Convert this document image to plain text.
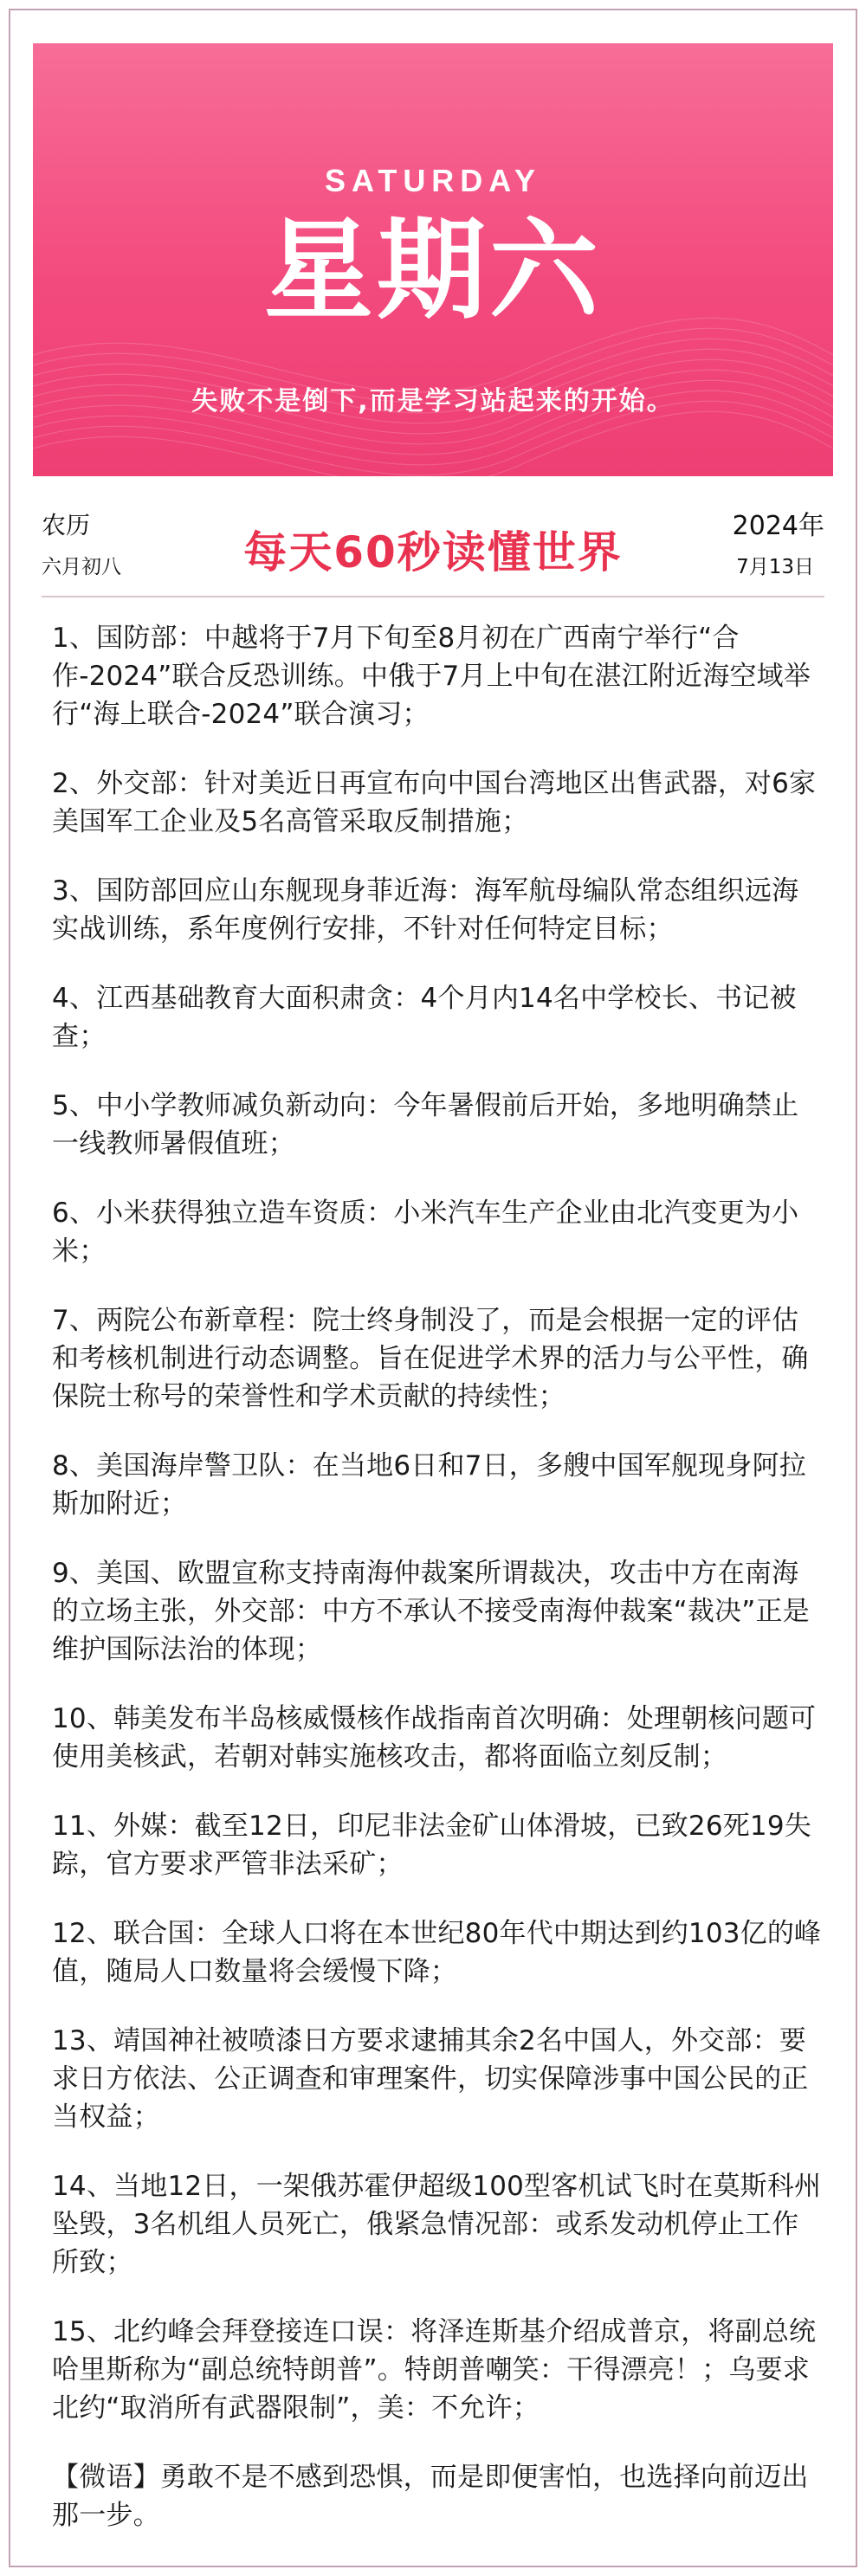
SATURDAY
星期六
失败不是倒下,而是学习站起来的开始。
农历
六月初八	每天60秒读懂世界
2024年
7月13日
1、国防部：中越将于7月下旬至8月初在广西南宁举行“合作-2024”联合反恐训练。中俄于7月上中旬在湛江附近海空域举行“海上联合-2024”联合演习；
2、外交部：针对美近日再宣布向中国台湾地区出售武器，对6家美国军工企业及5名高管采取反制措施；
3、国防部回应山东舰现身菲近海：海军航母编队常态组织远海实战训练，系年度例行安排，不针对任何特定目标；
4、江西基础教育大面积肃贪：4个月内14名中学校长、书记被查；
5、中小学教师减负新动向：今年暑假前后开始，多地明确禁止一线教师暑假值班；
6、小米获得独立造车资质：小米汽车生产企业由北汽变更为小米；
7、两院公布新章程：院士终身制没了，而是会根据一定的评估和考核机制进行动态调整。旨在促进学术界的活力与公平性，确保院士称号的荣誉性和学术贡献的持续性；
8、美国海岸警卫队：在当地6日和7日，多艘中国军舰现身阿拉斯加附近；
9、美国、欧盟宣称支持南海仲裁案所谓裁决，攻击中方在南海的立场主张，外交部：中方不承认不接受南海仲裁案“裁决”正是维护国际法治的体现；
10、韩美发布半岛核威慑核作战指南首次明确：处理朝核问题可使用美核武，若朝对韩实施核攻击，都将面临立刻反制；
11、外媒：截至12日，印尼非法金矿山体滑坡，已致26死19失踪，官方要求严管非法采矿；
12、联合国：全球人口将在本世纪80年代中期达到约103亿的峰值，随局人口数量将会缓慢下降；
13、靖国神社被喷漆日方要求逮捕其余2名中国人，外交部：要求日方依法、公正调查和审理案件，切实保障涉事中国公民的正当权益；
14、当地12日，一架俄苏霍伊超级100型客机试飞时在莫斯科州坠毁，3名机组人员死亡，俄紧急情况部：或系发动机停止工作所致；
15、北约峰会拜登接连口误：将泽连斯基介绍成普京，将副总统哈里斯称为“副总统特朗普”。特朗普嘲笑：干得漂亮！；乌要求北约“取消所有武器限制”，美：不允许；
【微语】勇敢不是不感到恐惧，而是即便害怕，也选择向前迈出那一步。
